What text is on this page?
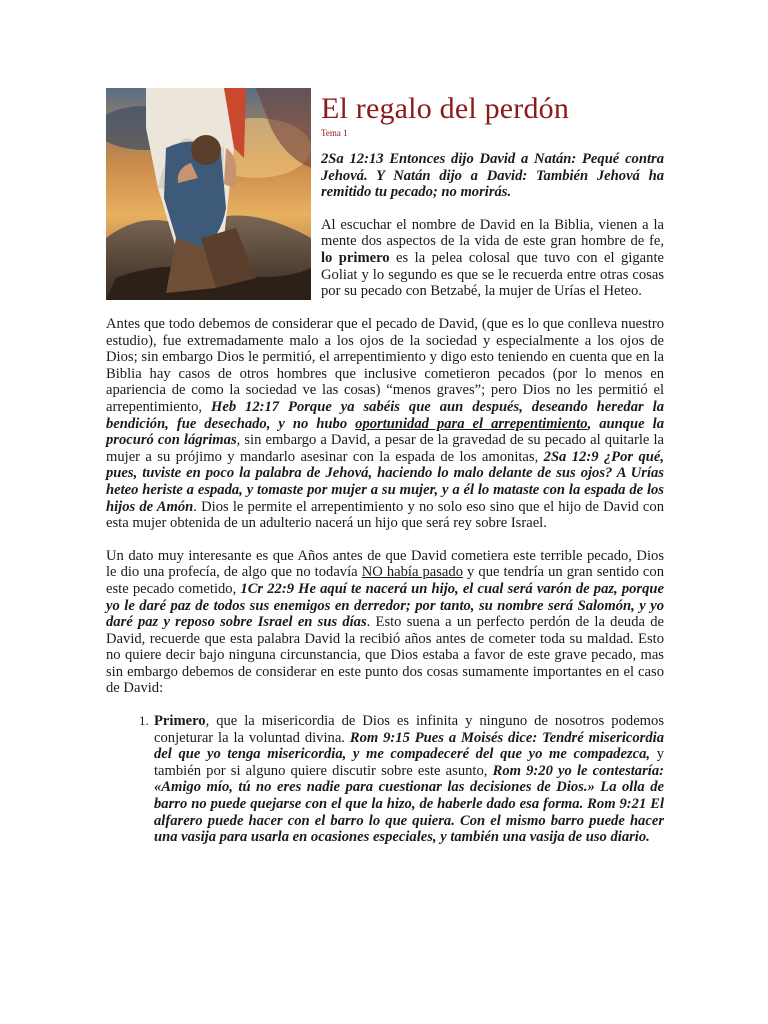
El regalo del perdón
Tema 1

2Sa 12:13 Entonces dijo David a Natán: Pequé contra Jehová. Y Natán dijo a David: También Jehová ha remitido tu pecado; no morirás.

Al escuchar el nombre de David en la Biblia, vienen a la mente dos aspectos de la vida de este gran hombre de fe, lo primero es la pelea colosal que tuvo con el gigante Goliat y lo segundo es que se le recuerda entre otras cosas por su pecado con Betzabé, la mujer de Urías el Heteo.

Antes que todo debemos de considerar que el pecado de David, (que es lo que conlleva nuestro estudio), fue extremadamente malo a los ojos de la sociedad y especialmente a los ojos de Dios; sin embargo Dios le permitió, el arrepentimiento y digo esto teniendo en cuenta que en la Biblia hay casos de otros hombres que inclusive cometieron pecados (por lo menos en apariencia de como la sociedad ve las cosas) “menos graves”; pero Dios no les permitió el arrepentimiento, Heb 12:17 Porque ya sabéis que aun después, deseando heredar la bendición, fue desechado, y no hubo oportunidad para el arrepentimiento, aunque la procuró con lágrimas, sin embargo a David, a pesar de la gravedad de su pecado al quitarle la mujer a su prójimo y mandarlo asesinar con la espada de los amonitas, 2Sa 12:9 ¿Por qué, pues, tuviste en poco la palabra de Jehová, haciendo lo malo delante de sus ojos? A Urías heteo heriste a espada, y tomaste por mujer a su mujer, y a él lo mataste con la espada de los hijos de Amón. Dios le permite el arrepentimiento y no solo eso sino que el hijo de David con esta mujer obtenida de un adulterio nacerá un hijo que será rey sobre Israel.

Un dato muy interesante es que Años antes de que David cometiera este terrible pecado, Dios le dio una profecía, de algo que no todavía NO había pasado y que tendría un gran sentido con este pecado cometido, 1Cr 22:9 He aquí te nacerá un hijo, el cual será varón de paz, porque yo le daré paz de todos sus enemigos en derredor; por tanto, su nombre será Salomón, y yo daré paz y reposo sobre Israel en sus días. Esto suena a un perfecto perdón de la deuda de David, recuerde que esta palabra David la recibió años antes de cometer toda su maldad. Esto no quiere decir bajo ninguna circunstancia, que Dios estaba a favor de este grave pecado, mas sin embargo debemos de considerar en este punto dos cosas sumamente importantes en el caso de David:

1. Primero, que la misericordia de Dios es infinita y ninguno de nosotros podemos conjeturar la la voluntad divina. Rom 9:15 Pues a Moisés dice: Tendré misericordia del que yo tenga misericordia, y me compadeceré del que yo me compadezca, y también por si alguno quiere discutir sobre este asunto, Rom 9:20 yo le contestaría: «Amigo mío, tú no eres nadie para cuestionar las decisiones de Dios.» La olla de barro no puede quejarse con el que la hizo, de haberle dado esa forma. Rom 9:21 El alfarero puede hacer con el barro lo que quiera. Con el mismo barro puede hacer una vasija para usarla en ocasiones especiales, y también una vasija de uso diario.
